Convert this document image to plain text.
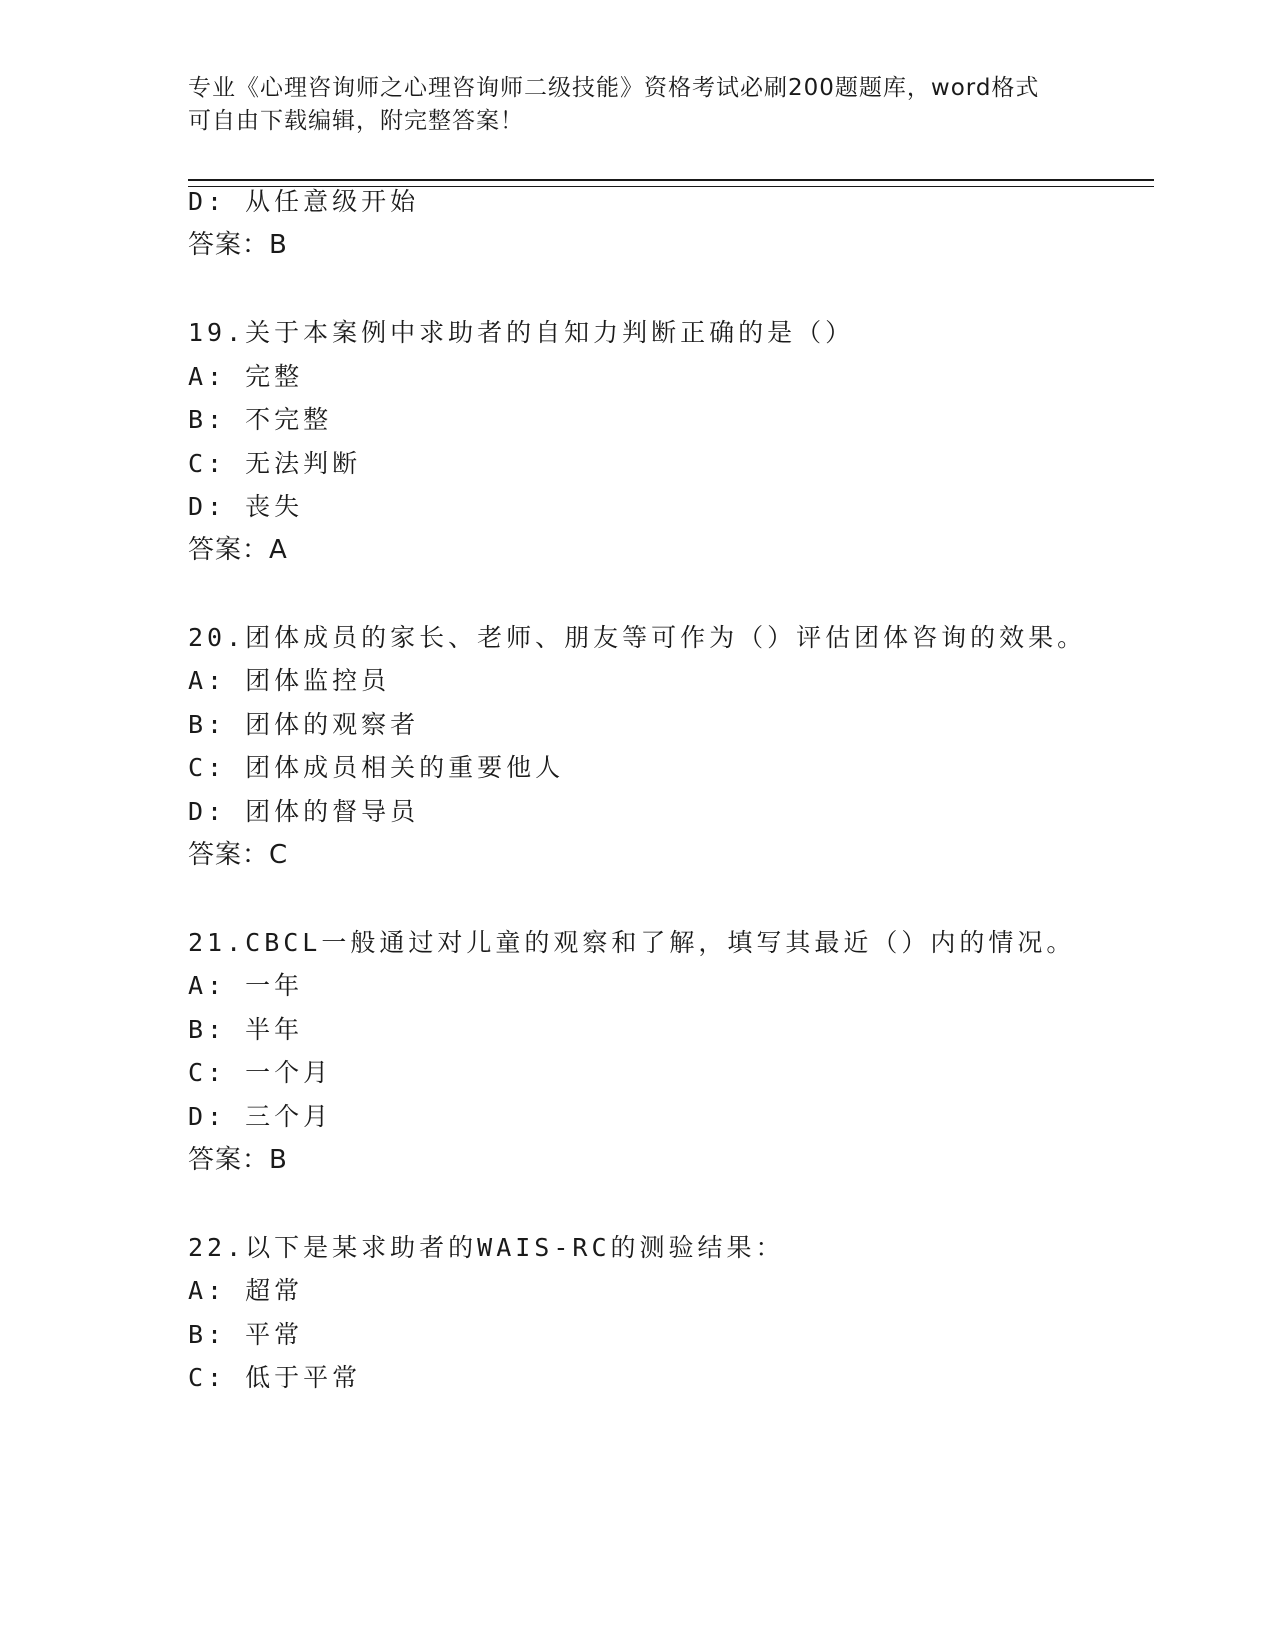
专业《心理咨询师之心理咨询师二级技能》资格考试必刷200题题库，word格式
可自由下载编辑，附完整答案！
D: 从任意级开始
答案：B
19.关于本案例中求助者的自知力判断正确的是（）
A: 完整
B: 不完整
C: 无法判断
D: 丧失
答案：A
20.团体成员的家长、老师、朋友等可作为（）评估团体咨询的效果。
A: 团体监控员
B: 团体的观察者
C: 团体成员相关的重要他人
D: 团体的督导员
答案：C
21.CBCL一般通过对儿童的观察和了解，填写其最近（）内的情况。
A: 一年
B: 半年
C: 一个月
D: 三个月
答案：B
22.以下是某求助者的WAIS-RC的测验结果：
A: 超常
B: 平常
C: 低于平常
